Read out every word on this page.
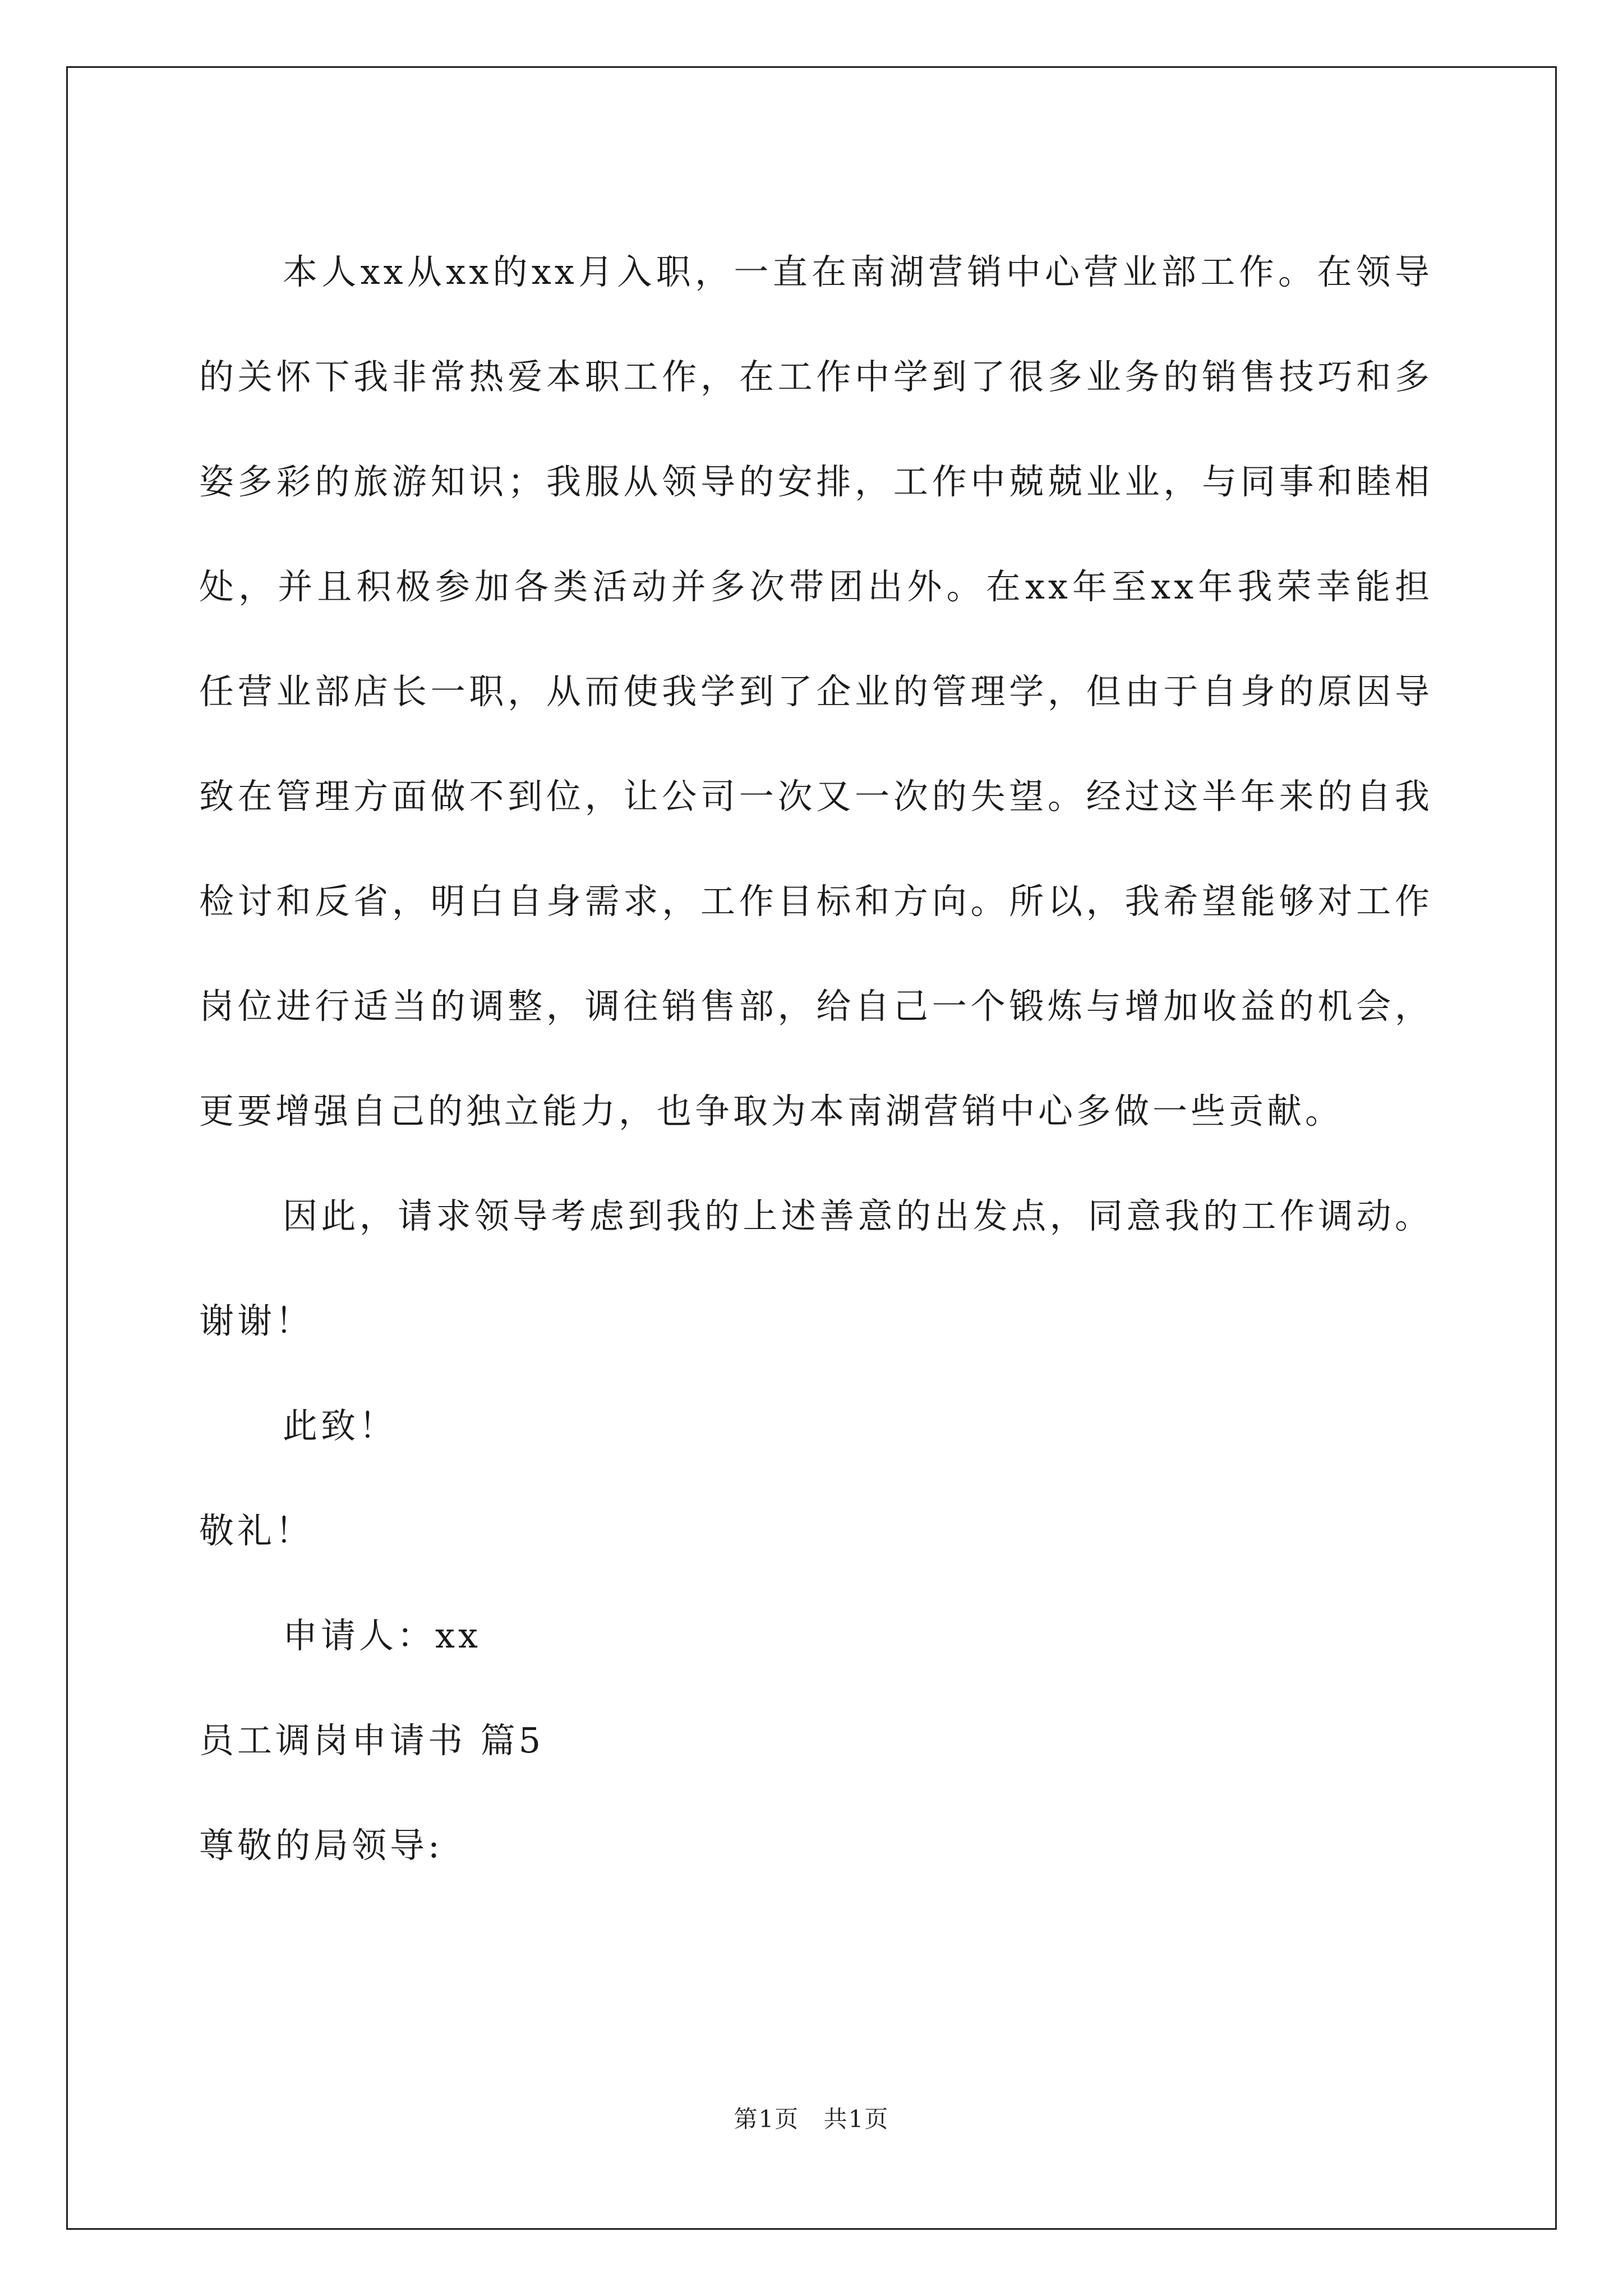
本人xx从xx的xx月入职，一直在南湖营销中心营业部工作。在领导的关怀下我非常热爱本职工作，在工作中学到了很多业务的销售技巧和多姿多彩的旅游知识；我服从领导的安排，工作中兢兢业业，与同事和睦相处，并且积极参加各类活动并多次带团出外。在xx年至xx年我荣幸能担任营业部店长一职，从而使我学到了企业的管理学，但由于自身的原因导致在管理方面做不到位，让公司一次又一次的失望。经过这半年来的自我检讨和反省，明白自身需求，工作目标和方向。所以，我希望能够对工作岗位进行适当的调整，调往销售部，给自己一个锻炼与增加收益的机会，更要增强自己的独立能力，也争取为本南湖营销中心多做一些贡献。

因此，请求领导考虑到我的上述善意的出发点，同意我的工作调动。谢谢！

此致！

敬礼！

申请人：xx

员工调岗申请书 篇5

尊敬的局领导:

第1页 共1页
